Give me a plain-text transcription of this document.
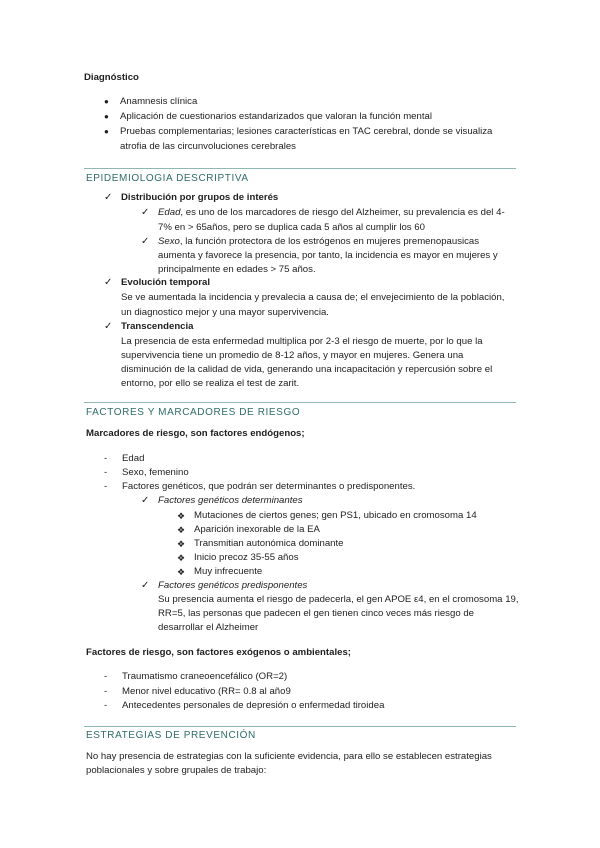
Diagnóstico
● Anamnesis clínica
● Aplicación de cuestionarios estandarizados que valoran la función mental
● Pruebas complementarias; lesiones características en TAC cerebral, donde se visualiza
atrofia de las circunvoluciones cerebrales
EPIDEMIOLOGIA DESCRIPTIVA
✓ Distribución por grupos de interés
✓ Edad, es uno de los marcadores de riesgo del Alzheimer, su prevalencia es del 4-
7% en > 65años, pero se duplica cada 5 años al cumplir los 60
✓ Sexo, la función protectora de los estrógenos en mujeres premenopausicas
aumenta y favorece la presencia, por tanto, la incidencia es mayor en mujeres y
principalmente en edades > 75 años.
✓ Evolución temporal
Se ve aumentada la incidencia y prevalecia a causa de; el envejecimiento de la población,
un diagnostico mejor y una mayor supervivencia.
✓ Transcendencia
La presencia de esta enfermedad multiplica por 2-3 el riesgo de muerte, por lo que la
supervivencia tiene un promedio de 8-12 años, y mayor en mujeres. Genera una
disminución de la calidad de vida, generando una incapacitación y repercusión sobre el
entorno, por ello se realiza el test de zarit.
FACTORES Y MARCADORES DE RIESGO
Marcadores de riesgo, son factores endógenos;
- Edad
- Sexo, femenino
- Factores genéticos, que podrán ser determinantes o predisponentes.
✓ Factores genéticos determinantes
❖ Mutaciones de ciertos genes; gen PS1, ubicado en cromosoma 14
❖ Aparición inexorable de la EA
❖ Transmitian autonómica dominante
❖ Inicio precoz 35-55 años
❖ Muy infrecuente
✓ Factores genéticos predisponentes
Su presencia aumenta el riesgo de padecerla, el gen APOE ε4, en el cromosoma 19,
RR=5, las personas que padecen el gen tienen cinco veces más riesgo de
desarrollar el Alzheimer
Factores de riesgo, son factores exógenos o ambientales;
- Traumatismo craneoencefálico (OR=2)
- Menor nivel educativo (RR= 0.8 al año9
- Antecedentes personales de depresión o enfermedad tiroidea
ESTRATEGIAS DE PREVENCIÓN
No hay presencia de estrategias con la suficiente evidencia, para ello se establecen estrategias
poblacionales y sobre grupales de trabajo:
